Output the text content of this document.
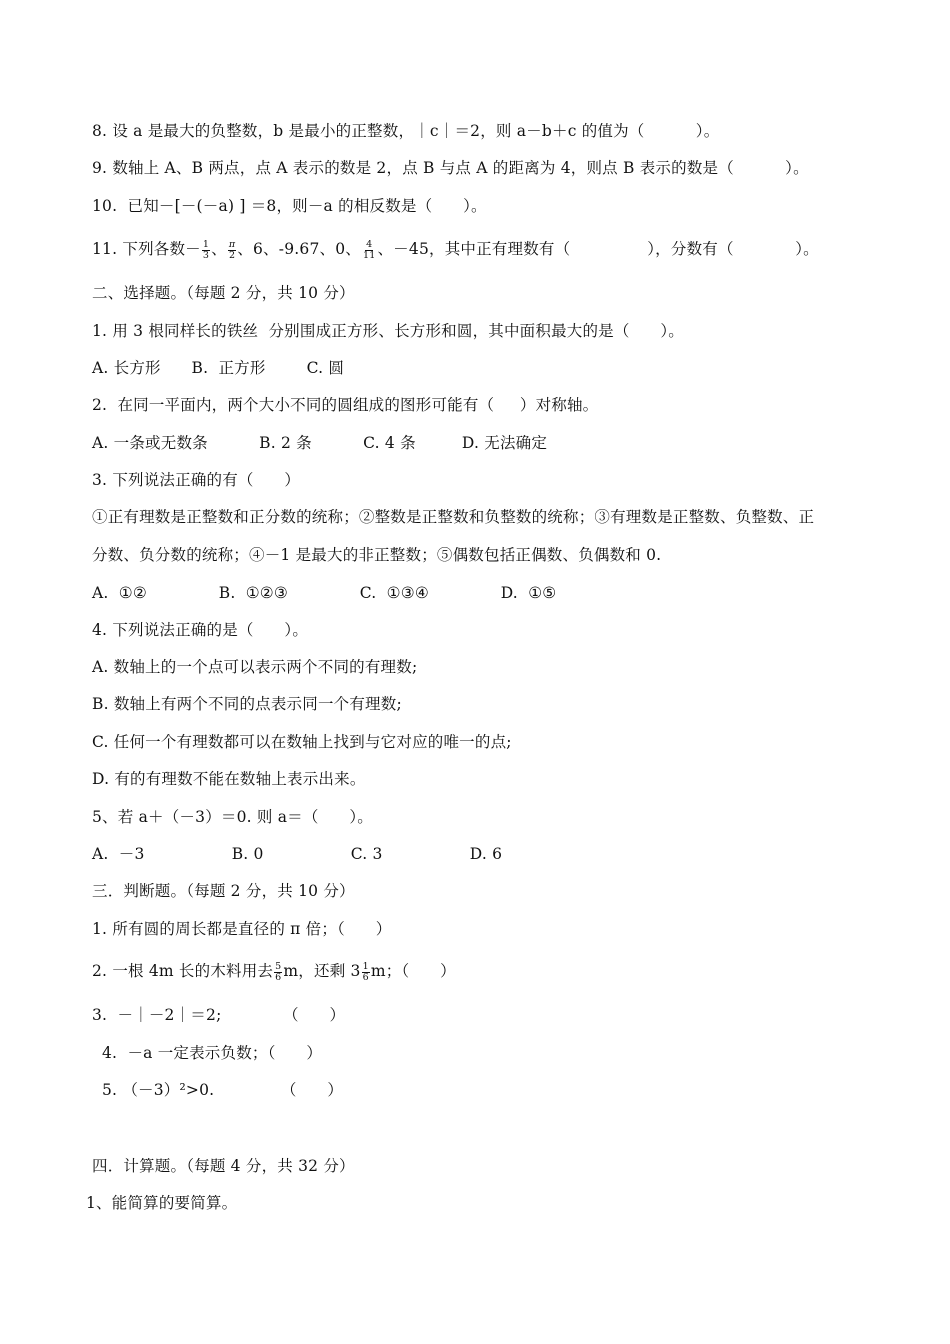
8. 设 a 是最大的负整数，b 是最小的正整数，｜c｜＝2，则 a－b＋c 的值为（          ）。
9. 数轴上 A、B 两点，点 A 表示的数是 2，点 B 与点 A 的距离为 4，则点 B 表示的数是（          ）。
10.  已知－[－(－a) ] ＝8，则－a 的相反数是（      ）。
11. 下列各数－ $\frac{1}{3}$ 、 $\frac{\pi}{2}$ 、6、-9.67、0、 $\frac{4}{11}$ 、－45，其中正有理数有（               ），分数有（            ）。
二、选择题。（每题 2 分，共 10 分）
1. 用 3 根同样长的铁丝  分别围成正方形、长方形和圆，其中面积最大的是（      ）。
A. 长方形      B.  正方形        C. 圆
2.  在同一平面内，两个大小不同的圆组成的图形可能有（     ）对称轴。
A. 一条或无数条          B. 2 条          C. 4 条         D. 无法确定
3. 下列说法正确的有（      ）
①正有理数是正整数和正分数的统称；②整数是正整数和负整数的统称；③有理数是正整数、负整数、正
分数、负分数的统称；④－1 是最大的非正整数；⑤偶数包括正偶数、负偶数和 0.
A.  ①②              B.  ①②③              C.  ①③④              D.  ①⑤
4. 下列说法正确的是（      ）。
A. 数轴上的一个点可以表示两个不同的有理数;
B. 数轴上有两个不同的点表示同一个有理数;
C. 任何一个有理数都可以在数轴上找到与它对应的唯一的点;
D. 有的有理数不能在数轴上表示出来。
5、若 a＋（－3）＝0. 则 a＝（      ）。
A.  －3                 B. 0                 C. 3                 D. 6
三．判断题。（每题 2 分，共 10 分）
1. 所有圆的周长都是直径的 π 倍；（      ）
2. 一根 4m 长的木料用去 $\frac{5}{6}$ m，还剩 $3 \frac{1}{6}$ m；（      ）
3.  －｜－2｜＝2;            （      ）
4.  －a 一定表示负数；（      ）
5. （－3）²>0.             （      ）
四．计算题。（每题 4 分，共 32 分）
1、能简算的要简算。
